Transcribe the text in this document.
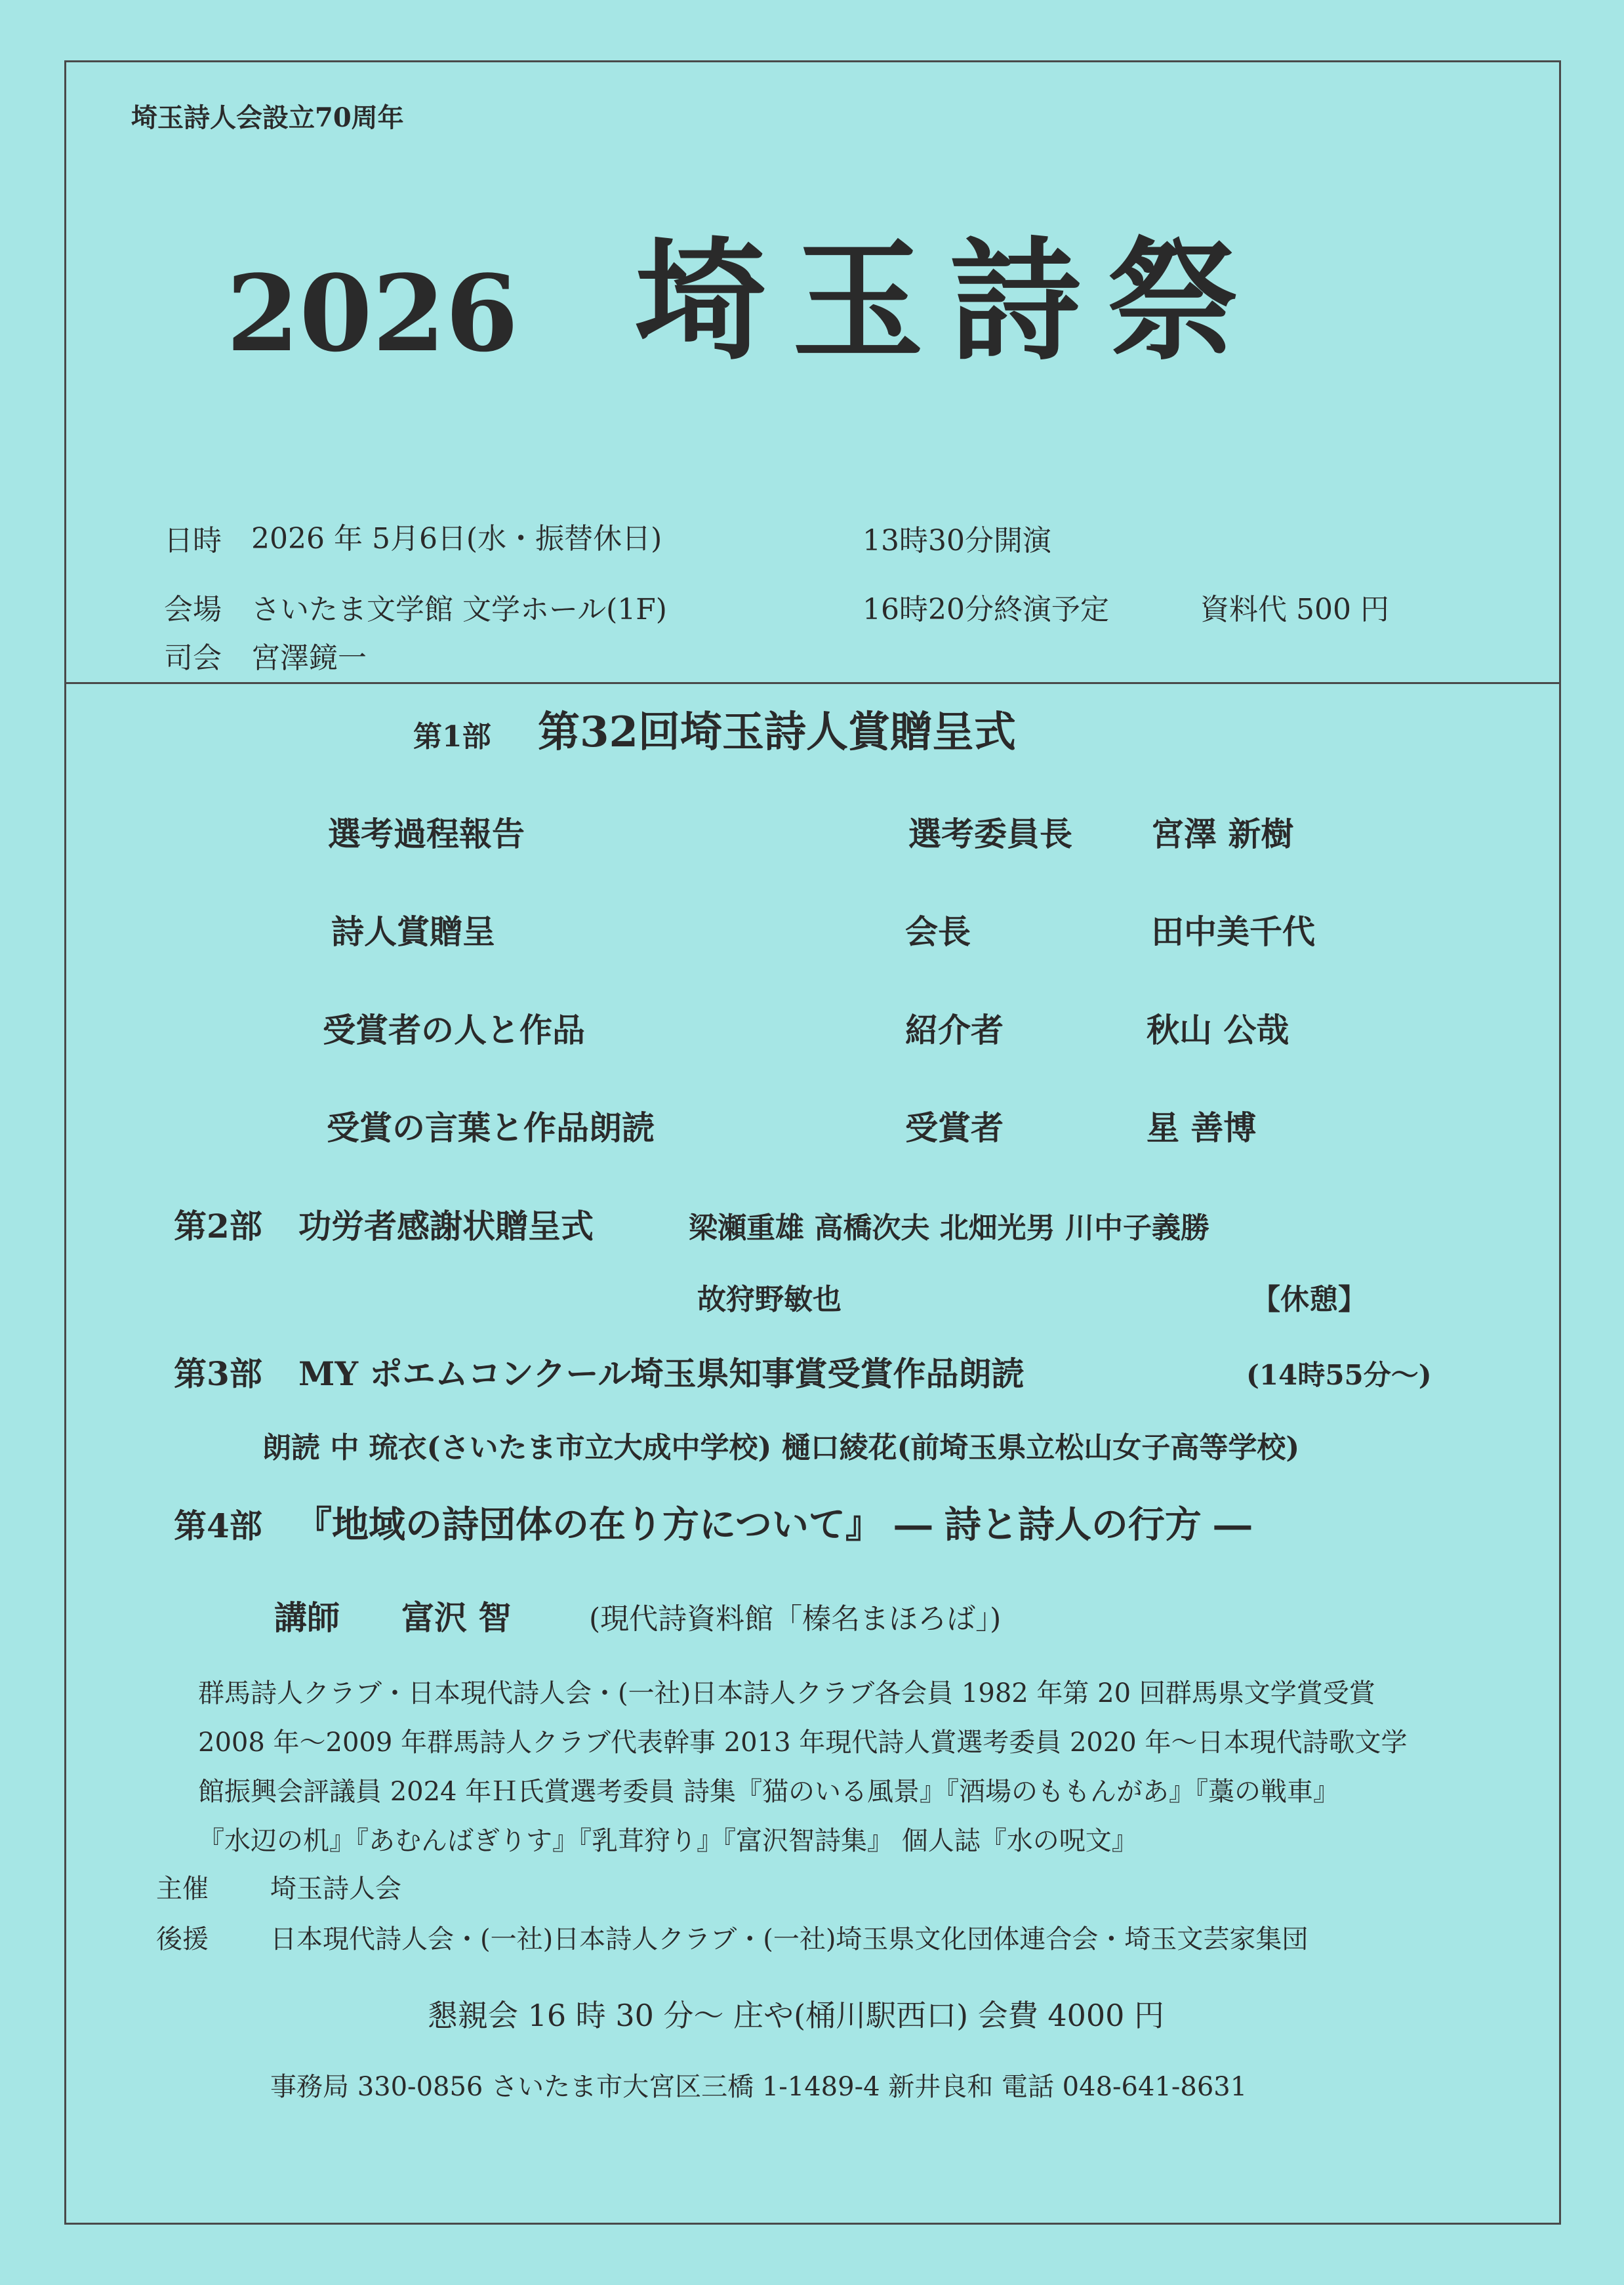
埼玉詩人会設立70周年
2026 埼玉詩祭
日時 2026 年 5月6日(水・振替休日)	13時30分開演
会場 さいたま文学館 文学ホール(1F)	16時20分終演予定	資料代 500 円
司会 宮澤鏡一
第1部 第32回埼玉詩人賞贈呈式
選考過程報告	選考委員長 宮澤 新樹
詩人賞贈呈	会長	田中美千代
受賞者の人と作品	紹介者	秋山 公哉
受賞の言葉と作品朗読	受賞者	星 善博
第2部 功労者感謝状贈呈式	梁瀬重雄 高橋次夫 北畑光男 川中子義勝
故狩野敏也	【休憩】
第3部 MY ポエムコンクール埼玉県知事賞受賞作品朗読	(14時55分～)
朗読 中 琉衣(さいたま市立大成中学校) 樋口綾花(前埼玉県立松山女子高等学校)
第4部 『地域の詩団体の在り方について』 ― 詩と詩人の行方 ―
講師 富沢 智	(現代詩資料館「榛名まほろば」)
群馬詩人クラブ・日本現代詩人会・(一社)日本詩人クラブ各会員 1982 年第 20 回群馬県文学賞受賞
2008 年～2009 年群馬詩人クラブ代表幹事 2013 年現代詩人賞選考委員 2020 年～日本現代詩歌文学
館振興会評議員 2024 年Ｈ氏賞選考委員 詩集『猫のいる風景』『酒場のももんがあ』『藁の戦車』
『水辺の机』『あむんばぎりす』『乳茸狩り』『富沢智詩集』 個人誌『水の呪文』
主催 埼玉詩人会
後援 日本現代詩人会・(一社)日本詩人クラブ・(一社)埼玉県文化団体連合会・埼玉文芸家集団
懇親会 16 時 30 分～ 庄や(桶川駅西口) 会費 4000 円
事務局 330-0856 さいたま市大宮区三橋 1-1489-4 新井良和 電話 048-641-8631
